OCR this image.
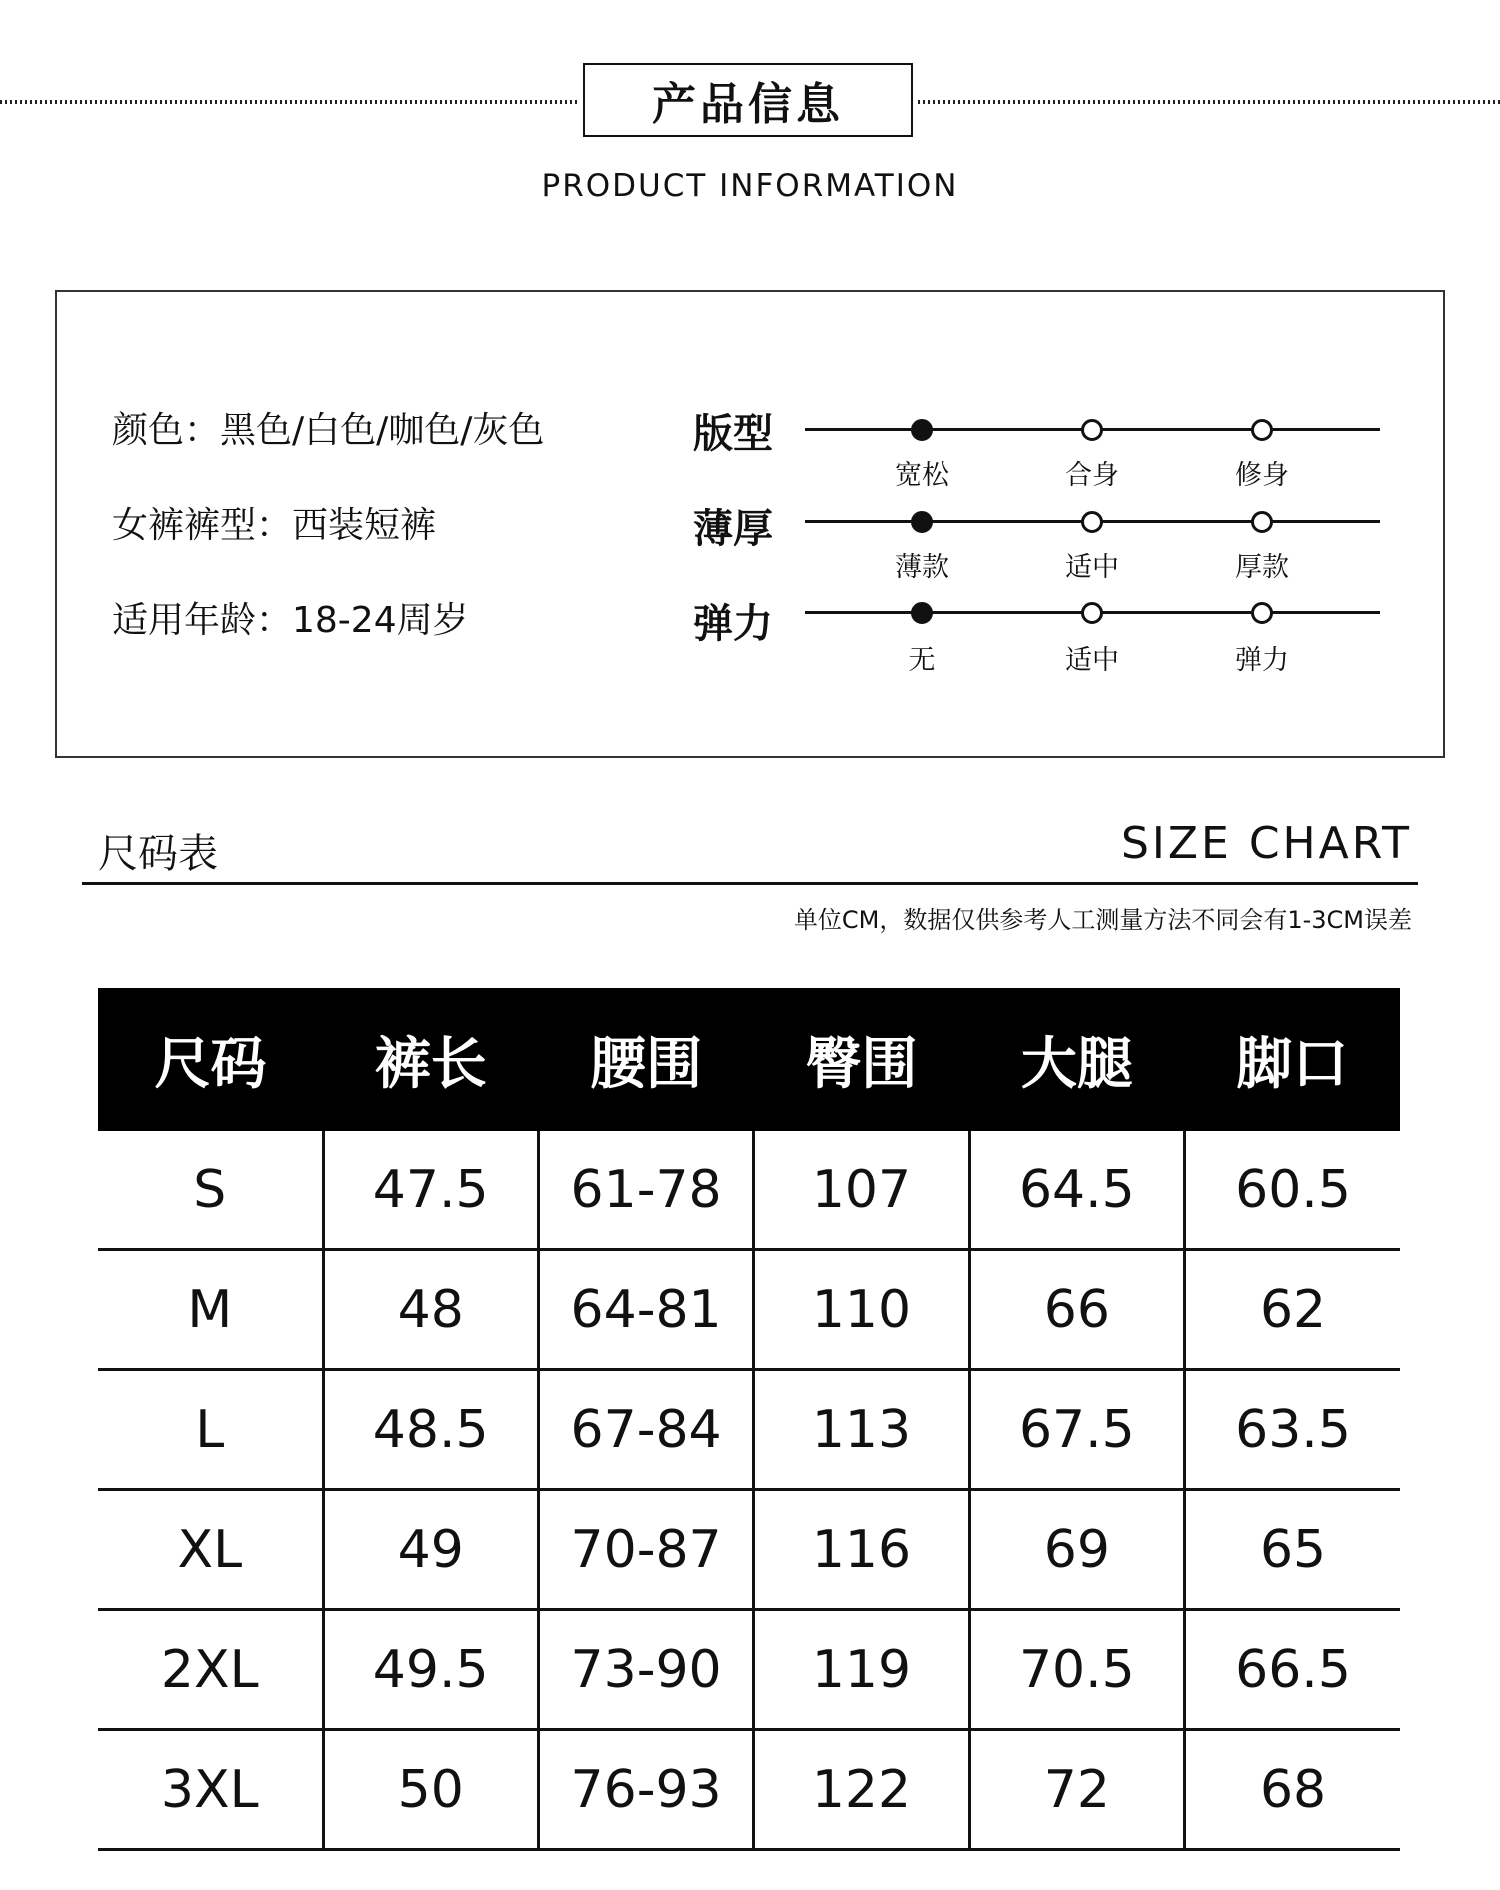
产品信息
PRODUCT INFORMATION
颜色：黑色/白色/咖色/灰色
女裤裤型：西装短裤
适用年龄：18-24周岁
版型
宽松	合身	修身
薄厚
薄款	适中	厚款
弹力
无	适中	弹力
尺码表	SIZE CHART
单位CM，数据仅供参考人工测量方法不同会有1-3CM误差
尺码	裤长	腰围	臀围	大腿	脚口
S	47.5	61-78	107	64.5	60.5
M	48	64-81	110	66	62
L	48.5	67-84	113	67.5	63.5
XL	49	70-87	116	69	65
2XL	49.5	73-90	119	70.5	66.5
3XL	50	76-93	122	72	68
